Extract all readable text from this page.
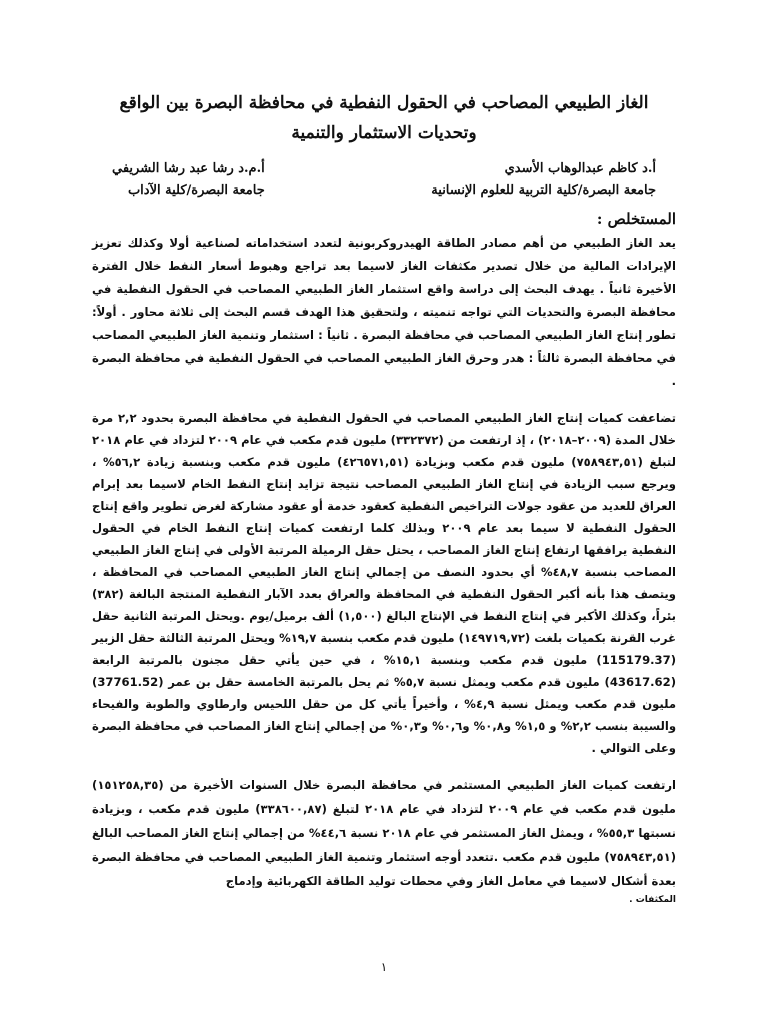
الغاز الطبيعي المصاحب في الحقول النفطية في محافظة البصرة بين الواقع وتحديات الاستثمار والتنمية
أ.د كاظم عبدالوهاب الأسدي
جامعة البصرة/كلية التربية للعلوم الإنسانية
أ.م.د رشا عبد رشا الشريفي
جامعة البصرة/كلية الآداب
المستخلص :

يعد الغاز الطبيعي من أهم مصادر الطاقة الهيدروكربونية لتعدد استخداماته لصناعية أولا وكذلك تعزيز الإيرادات المالية من خلال تصدير مكثفات الغاز لاسيما بعد تراجع وهبوط أسعار النفط خلال الفترة الأخيرة ثانياً . يهدف البحث إلى دراسة واقع استثمار الغاز الطبيعي المصاحب في الحقول النفطية في محافظة البصرة والتحديات التي تواجه تنميته ، ولتحقيق هذا الهدف قسم البحث إلى ثلاثة محاور . أولاً: تطور إنتاج الغاز الطبيعي المصاحب في محافظة البصرة . ثانياً : استثمار وتنمية الغاز الطبيعي المصاحب في محافظة البصرة ثالثاً : هدر وحرق الغاز الطبيعي المصاحب في الحقول النفطية في محافظة البصرة .

تضاعفت كميات إنتاج الغاز الطبيعي المصاحب في الحقول النفطية في محافظة البصرة بحدود ٢,٢ مرة خلال المدة (٢٠٠٩–٢٠١٨) ، إذ ارتفعت من (٣٣٢٣٧٢) مليون قدم مكعب في عام ٢٠٠٩ لتزداد في عام ٢٠١٨ لتبلغ (٧٥٨٩٤٣,٥١) مليون قدم مكعب وبزيادة (٤٢٦٥٧١,٥١) مليون قدم مكعب وبنسبة زيادة ٥٦,٢% ، ويرجع سبب الزيادة في إنتاج الغاز الطبيعي المصاحب نتيجة تزايد إنتاج النفط الخام لاسيما بعد إبرام العراق للعديد من عقود جولات التراخيص النفطية كعقود خدمة أو عقود مشاركة لغرض تطوير واقع إنتاج الحقول النفطية لا سيما بعد عام ٢٠٠٩ وبذلك كلما ارتفعت كميات إنتاج النفط الخام في الحقول النفطية يرافقها ارتفاع إنتاج الغاز المصاحب ، يحتل حقل الرميلة المرتبة الأولى في إنتاج الغاز الطبيعي المصاحب بنسبة ٤٨,٧% أي بحدود النصف من إجمالي إنتاج الغاز الطبيعي المصاحب في المحافظة ، ويتصف هذا بأنه أكبر الحقول النفطية في المحافظة والعراق بعدد الآبار النفطية المنتجة البالغة (٣٨٢) بئراً، وكذلك الأكبر في إنتاج النفط في الإنتاج البالغ (١,٥٠٠) ألف برميل/يوم .ويحتل المرتبة الثانية حقل غرب القرنة بكميات بلغت (١٤٩٧١٩,٧٢) مليون قدم مكعب بنسبة ١٩,٧% ويحتل المرتبة الثالثة حقل الزبير (115179.37) مليون قدم مكعب وبنسبة ١٥,١% ، في حين يأتي حقل مجنون بالمرتبة الرابعة (43617.62) مليون قدم مكعب ويمثل نسبة ٥,٧% ثم يحل بالمرتبة الخامسة حقل بن عمر (37761.52) مليون قدم مكعب ويمثل نسبة ٤,٩% ، وأخيراً يأتي كل من حقل اللحيس وارطاوي والطوبة والفيحاء والسيبة بنسب ٢,٢% و ١,٥% و٠,٨% و٠,٦% و٠,٣% من إجمالي إنتاج الغاز المصاحب في محافظة البصرة وعلى التوالي .

ارتفعت كميات الغاز الطبيعي المستثمر في محافظة البصرة خلال السنوات الأخيرة من (١٥١٢٥٨,٣٥) مليون قدم مكعب في عام ٢٠٠٩ لتزداد في عام ٢٠١٨ لتبلغ (٣٣٨٦٠٠,٨٧) مليون قدم مكعب ، وبزيادة نسبتها ٥٥,٣% ، ويمثل الغاز المستثمر في عام ٢٠١٨ نسبة ٤٤,٦% من إجمالي إنتاج الغاز المصاحب البالغ (٧٥٨٩٤٣,٥١) مليون قدم مكعب .تتعدد أوجه استثمار وتنمية الغاز الطبيعي المصاحب في محافظة البصرة بعدة أشكال لاسيما في معامل الغاز وفي محطات توليد الطاقة الكهربائية وإدماج

المكثفات .
١
